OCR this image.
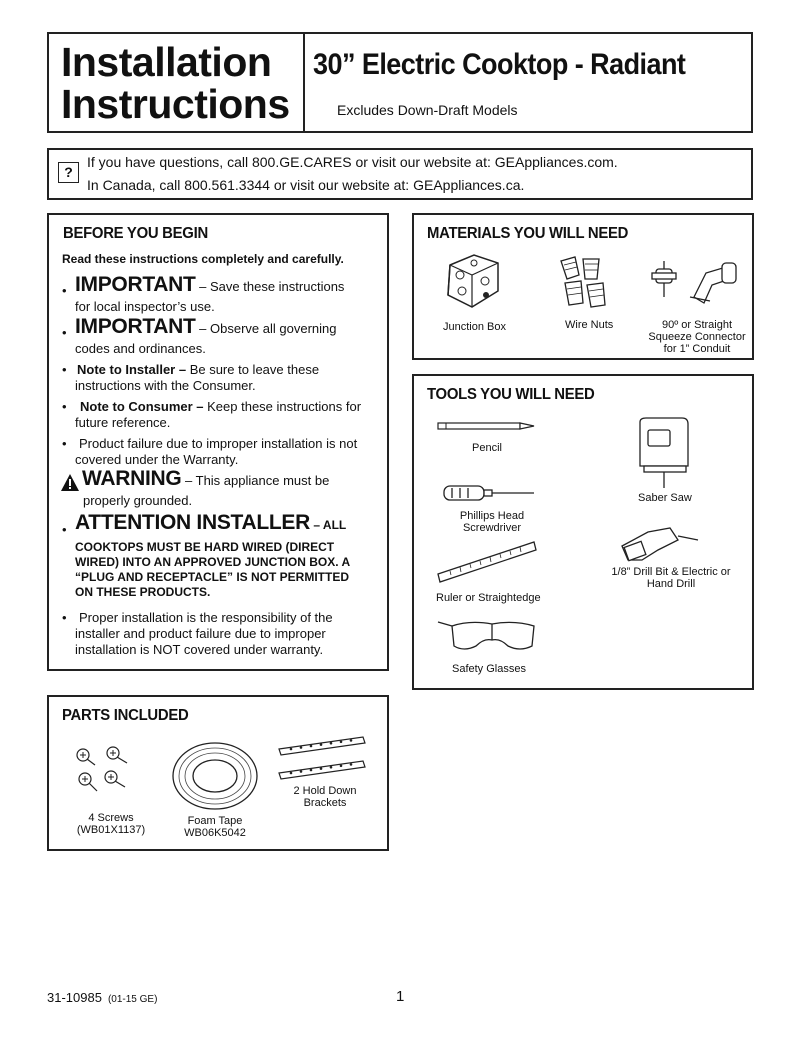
Installation
Instructions
30” Electric Cooktop - Radiant
Excludes Down-Draft Models
?
If you have questions, call 800.GE.CARES or visit our website at: GEAppliances.com.
In Canada, call 800.561.3344 or visit our website at: GEAppliances.ca.
BEFORE YOU BEGIN
Read these instructions completely and carefully.
• IMPORTANT – Save these instructions
for local inspector’s use.
• IMPORTANT – Observe all governing
codes and ordinances.
• Note to Installer – Be sure to leave these
instructions with the Consumer.
• Note to Consumer – Keep these instructions for
future reference.
• Product failure due to improper installation is not
covered under the Warranty.
WARNING – This appliance must be
properly grounded.
• ATTENTION INSTALLER – ALL
COOKTOPS MUST BE HARD WIRED (DIRECT
WIRED) INTO AN APPROVED JUNCTION BOX. A
“PLUG AND RECEPTACLE” IS NOT PERMITTED
ON THESE PRODUCTS.
• Proper installation is the responsibility of the
installer and product failure due to improper
installation is NOT covered under warranty.
MATERIALS YOU WILL NEED
Junction Box	Wire Nuts	90º or Straight
Squeeze Connector
for 1” Conduit
TOOLS YOU WILL NEED
Pencil
Saber Saw
Phillips Head
Screwdriver
1/8” Drill Bit & Electric or
Hand Drill
Ruler or Straightedge
Safety Glasses
PARTS INCLUDED
4 Screws
(WB01X1137)
Foam Tape
WB06K5042
2 Hold Down
Brackets
31-10985 (01-15 GE)	1
